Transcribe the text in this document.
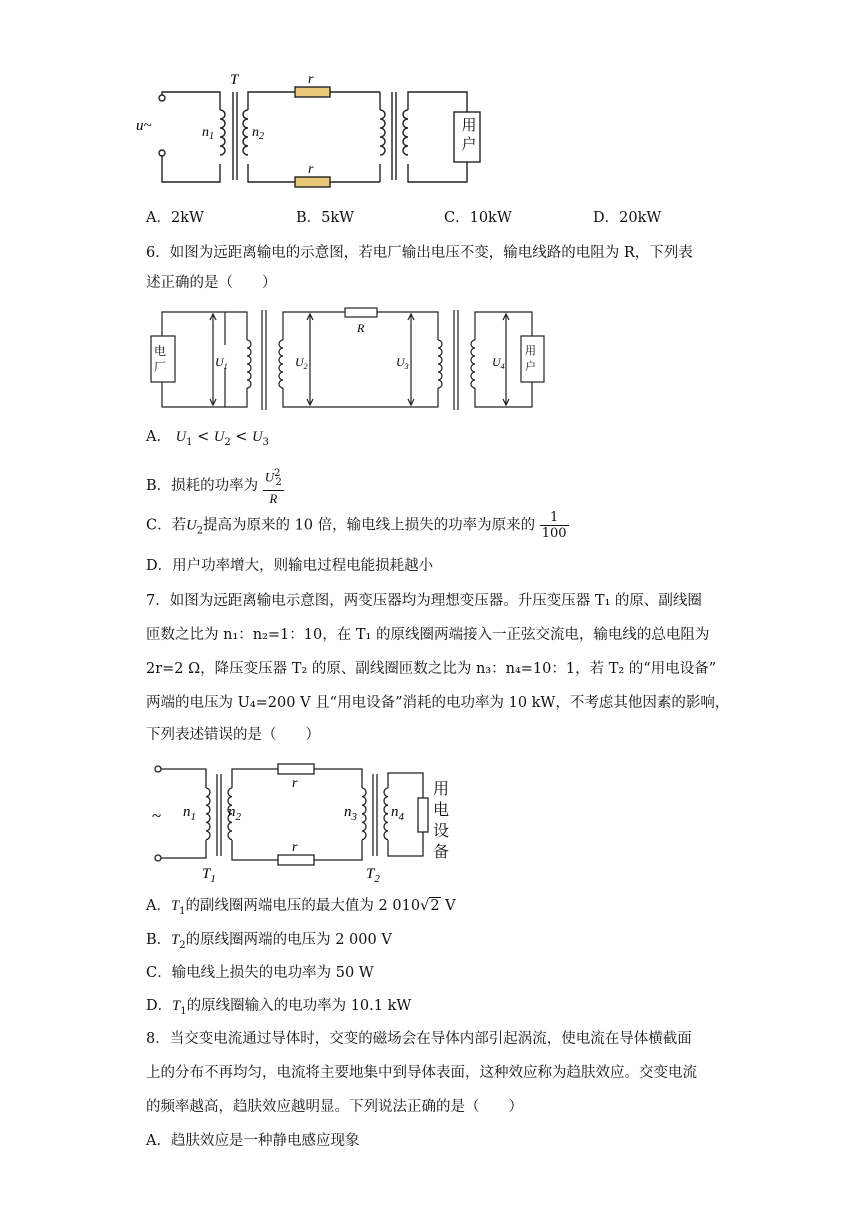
T
u~	$n_1$	$n_2$
r
r
用户
A．2kW	B．5kW	C．10kW	D．20kW
6．如图为远距离输电的示意图，若电厂输出电压不变，输电线路的电阻为 R，下列表
述正确的是（　　）
R
$U_1$	$U_2$	$U_3$	$U_4$
电厂
用户
A． $U_1 < U_2 < U_3$
B．损耗的功率为 $\frac{U^2_2}{R}$
C．若$U_2$提高为原来的 10 倍，输电线上损失的功率为原来的 $\frac{1}{100}$
D．用户功率增大，则输电过程电能损耗越小
7．如图为远距离输电示意图，两变压器均为理想变压器。升压变压器 T₁ 的原、副线圈
匝数之比为 n₁：n₂=1：10，在 T₁ 的原线圈两端接入一正弦交流电，输电线的总电阻为
2r=2 Ω，降压变压器 T₂ 的原、副线圈匝数之比为 n₃：n₄=10：1，若 T₂ 的“用电设备”
两端的电压为 U₄=200 V 且“用电设备”消耗的电功率为 10 kW，不考虑其他因素的影响，
下列表述错误的是（　　）
~ $n_1$ $n_2$	$n_3$ $n_4$
r
r
$T_1$	$T_2$
用
电
设
备
A．$T_1$的副线圈两端电压的最大值为 2 010√2 V
B．$T_2$的原线圈两端的电压为 2 000 V
C．输电线上损失的电功率为 50 W
D．$T_1$的原线圈输入的电功率为 10.1 kW
8．当交变电流通过导体时，交变的磁场会在导体内部引起涡流，使电流在导体横截面
上的分布不再均匀，电流将主要地集中到导体表面，这种效应称为趋肤效应。交变电流
的频率越高，趋肤效应越明显。下列说法正确的是（　　）
A．趋肤效应是一种静电感应现象
